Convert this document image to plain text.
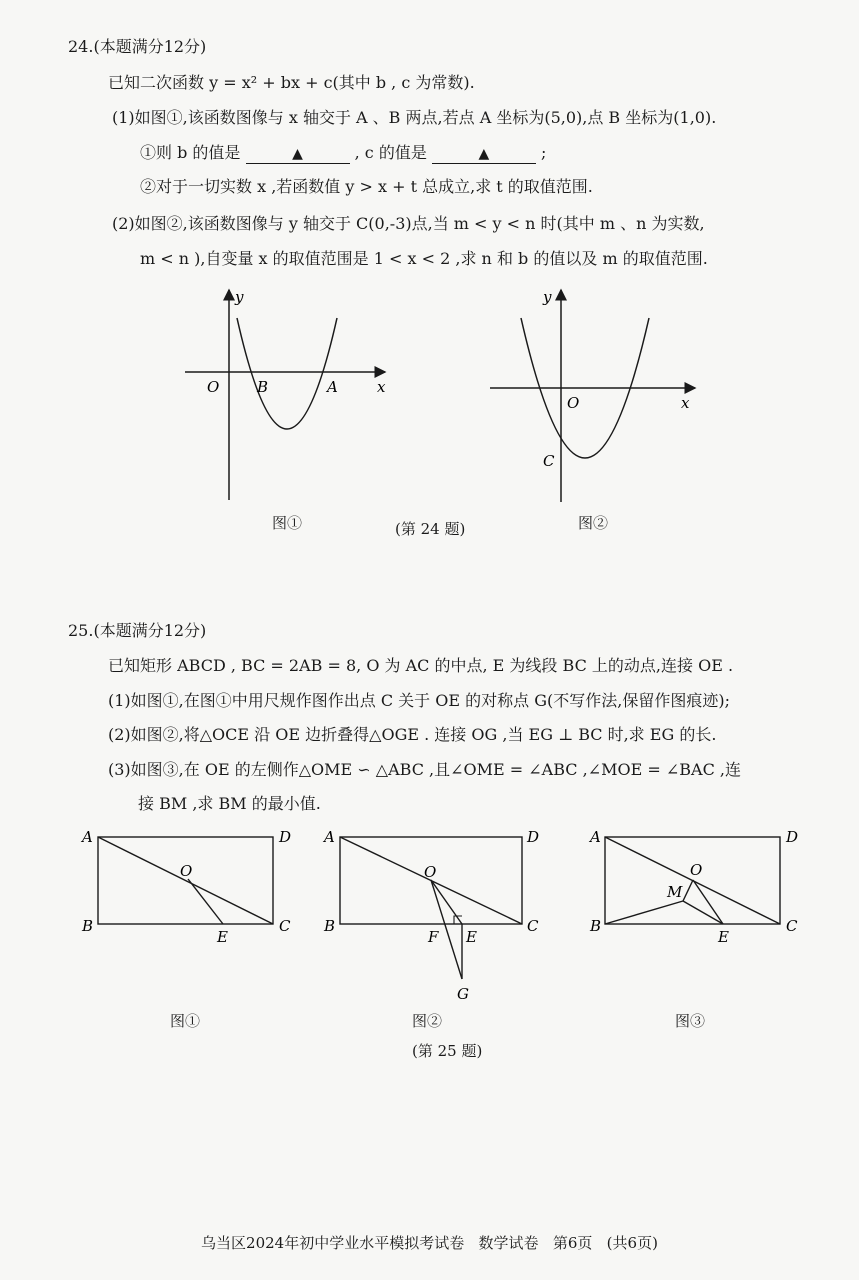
24.(本题满分12分)
已知二次函数 y = x² + bx + c(其中 b , c 为常数).
(1)如图①,该函数图像与 x 轴交于 A 、B 两点,若点 A 坐标为(5,0),点 B 坐标为(1,0).
①则 b 的值是	▲	, c 的值是	▲	;
②对于一切实数 x ,若函数值 y > x + t 总成立,求 t 的取值范围.
(2)如图②,该函数图像与 y 轴交于 C(0,-3)点,当 m < y < n 时(其中 m 、n 为实数,
m < n ),自变量 x 的取值范围是 1 < x < 2 ,求 n 和 b 的值以及 m 的取值范围.
y
x
O	B	A
图①
y
x
O
C
图②
(第 24 题)
25.(本题满分12分)
已知矩形 ABCD , BC = 2AB = 8, O 为 AC 的中点, E 为线段 BC 上的动点,连接 OE .
(1)如图①,在图①中用尺规作图作出点 C 关于 OE 的对称点 G(不写作法,保留作图痕迹);
(2)如图②,将△OCE 沿 OE 边折叠得△OGE . 连接 OG ,当 EG ⊥ BC 时,求 EG 的长.
(3)如图③,在 OE 的左侧作△OME ∽ △ABC ,且∠OME = ∠ABC ,∠MOE = ∠BAC ,连
接 BM ,求 BM 的最小值.
A	D
B	C
O
E
图①
A	D
B	C
O
F E
G
图②
A	D
B	C
O
M
E
图③
(第 25 题)
乌当区2024年初中学业水平模拟考试卷   数学试卷   第6页   (共6页)
